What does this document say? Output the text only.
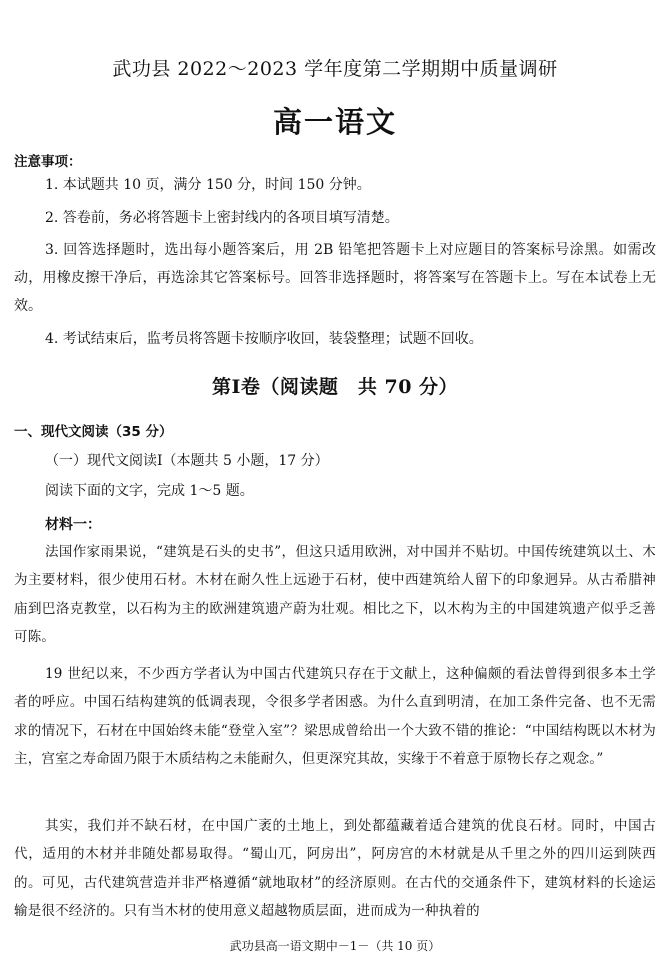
武功县 2022～2023 学年度第二学期期中质量调研
高一语文
注意事项：
1. 本试题共 10 页，满分 150 分，时间 150 分钟。
2. 答卷前，务必将答题卡上密封线内的各项目填写清楚。
3. 回答选择题时，选出每小题答案后，用 2B 铅笔把答题卡上对应题目的答案标号涂黑。如需改动，用橡皮擦干净后，再选涂其它答案标号。回答非选择题时，将答案写在答题卡上。写在本试卷上无效。
4. 考试结束后，监考员将答题卡按顺序收回，装袋整理；试题不回收。
第Ⅰ卷（阅读题　共 70 分）
一、现代文阅读（35 分）
（一）现代文阅读Ⅰ（本题共 5 小题，17 分）
阅读下面的文字，完成 1～5 题。
材料一：
法国作家雨果说，“建筑是石头的史书”，但这只适用欧洲，对中国并不贴切。中国传统建筑以土、木为主要材料，很少使用石材。木材在耐久性上远逊于石材，使中西建筑给人留下的印象迥异。从古希腊神庙到巴洛克教堂，以石构为主的欧洲建筑遗产蔚为壮观。相比之下，以木构为主的中国建筑遗产似乎乏善可陈。
19 世纪以来，不少西方学者认为中国古代建筑只存在于文献上，这种偏颇的看法曾得到很多本土学者的呼应。中国石结构建筑的低调表现，令很多学者困惑。为什么直到明清，在加工条件完备、也不无需求的情况下，石材在中国始终未能“登堂入室”？梁思成曾给出一个大致不错的推论：“中国结构既以木材为主，宫室之寿命固乃限于木质结构之未能耐久，但更深究其故，实缘于不着意于原物长存之观念。”
其实，我们并不缺石材，在中国广袤的土地上，到处都蕴藏着适合建筑的优良石材。同时，中国古代，适用的木材并非随处都易取得。“蜀山兀，阿房出”，阿房宫的木材就是从千里之外的四川运到陕西的。可见，古代建筑营造并非严格遵循“就地取材”的经济原则。在古代的交通条件下，建筑材料的长途运输是很不经济的。只有当木材的使用意义超越物质层面，进而成为一种执着的
武功县高一语文期中－1－（共 10 页）
